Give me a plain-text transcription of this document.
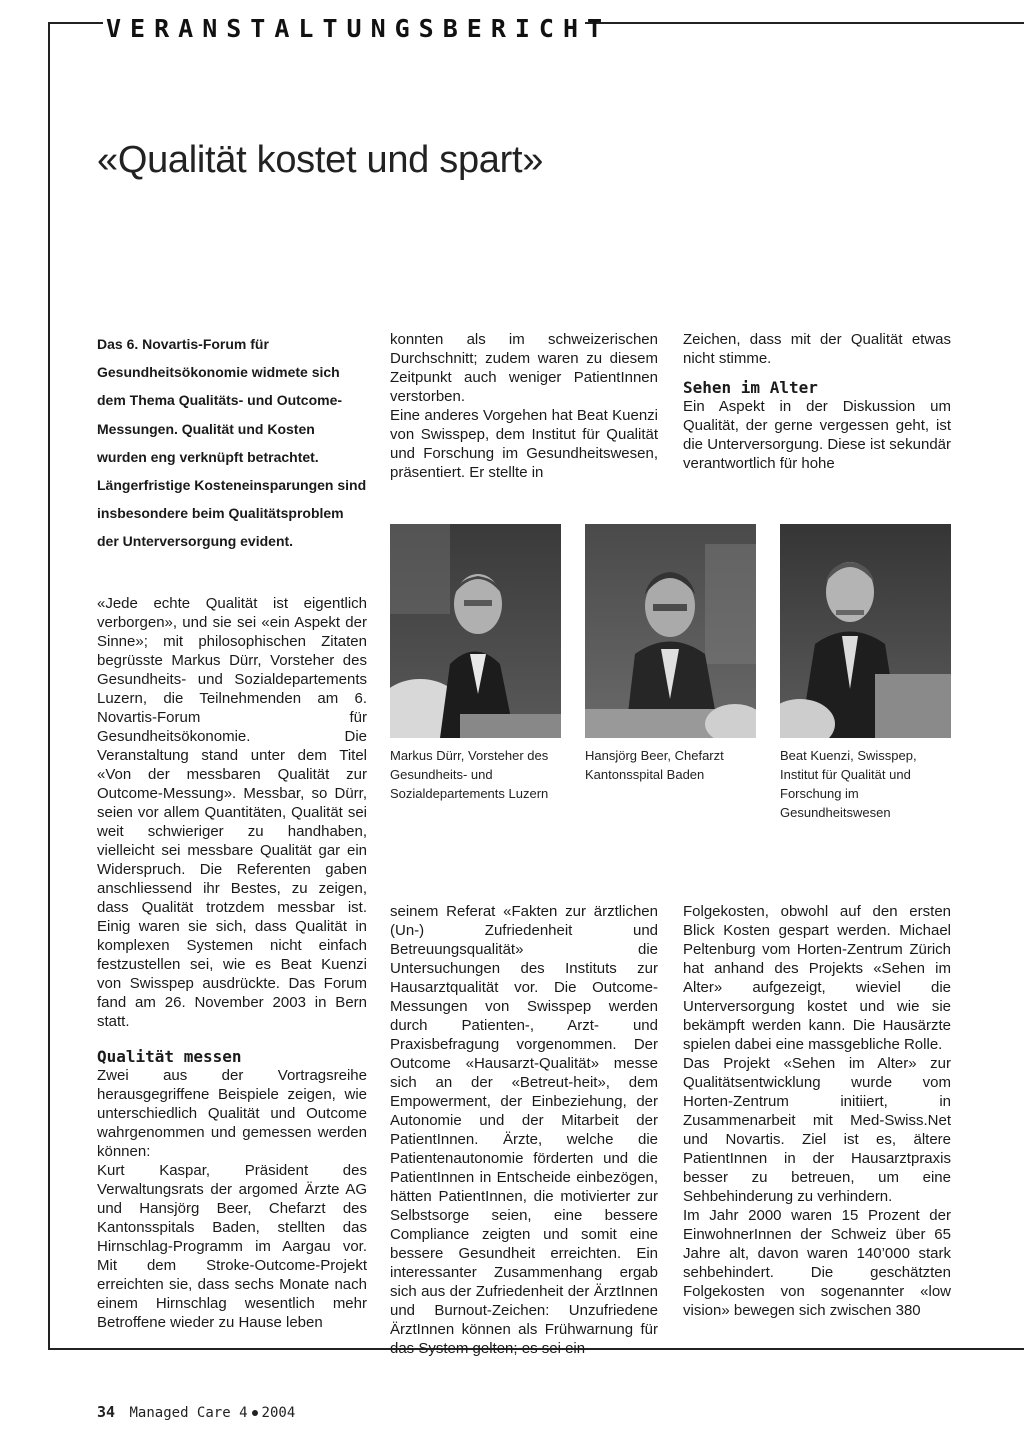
VERANSTALTUNGSBERICHT
«Qualität kostet und spart»

Das 6. Novartis-Forum für Gesundheitsökonomie widmete sich dem Thema Qualitäts- und Outcome-Messungen. Qualität und Kosten wurden eng verknüpft betrachtet. Längerfristige Kosteneinsparungen sind insbesondere beim Qualitätsproblem der Unterversorgung evident.

«Jede echte Qualität ist eigentlich verborgen», und sie sei «ein Aspekt der Sinne»; mit philosophischen Zitaten begrüsste Markus Dürr, Vorsteher des Gesundheits- und Sozialdepartements Luzern, die Teilnehmenden am 6. Novartis-Forum für Gesundheitsökonomie. Die Veranstaltung stand unter dem Titel «Von der messbaren Qualität zur Outcome-Messung». Messbar, so Dürr, seien vor allem Quantitäten, Qualität sei weit schwieriger zu handhaben, vielleicht sei messbare Qualität gar ein Widerspruch. Die Referenten gaben anschliessend ihr Bestes, zu zeigen, dass Qualität trotzdem messbar ist. Einig waren sie sich, dass Qualität in komplexen Systemen nicht einfach festzustellen sei, wie es Beat Kuenzi von Swisspep ausdrückte. Das Forum fand am 26. November 2003 in Bern statt.

Qualität messen

Zwei aus der Vortragsreihe herausgegriffene Beispiele zeigen, wie unterschiedlich Qualität und Outcome wahrgenommen und gemessen werden können:

Kurt Kaspar, Präsident des Verwaltungsrats der argomed Ärzte AG und Hansjörg Beer, Chefarzt des Kantonsspitals Baden, stellten das Hirnschlag-Programm im Aargau vor. Mit dem Stroke-Outcome-Projekt erreichten sie, dass sechs Monate nach einem Hirnschlag wesentlich mehr Betroffene wieder zu Hause leben

konnten als im schweizerischen Durchschnitt; zudem waren zu diesem Zeitpunkt auch weniger PatientInnen verstorben.

Eine anderes Vorgehen hat Beat Kuenzi von Swisspep, dem Institut für Qualität und Forschung im Gesundheitswesen, präsentiert. Er stellte in

Zeichen, dass mit der Qualität etwas nicht stimme.

Sehen im Alter

Ein Aspekt in der Diskussion um Qualität, der gerne vergessen geht, ist die Unterversorgung. Diese ist sekundär verantwortlich für hohe

Markus Dürr, Vorsteher des Gesundheits- und Sozialdepartements Luzern
Hansjörg Beer, Chefarzt Kantonsspital Baden
Beat Kuenzi, Swisspep, Institut für Qualität und Forschung im Gesundheitswesen

seinem Referat «Fakten zur ärztlichen (Un-) Zufriedenheit und Betreuungsqualität» die Untersuchungen des Instituts zur Hausarztqualität vor. Die Outcome-Messungen von Swisspep werden durch Patienten-, Arzt- und Praxisbefragung vorgenommen. Der Outcome «Hausarzt-Qualität» messe sich an der «Betreut-heit», dem Empowerment, der Einbeziehung, der Autonomie und der Mitarbeit der PatientInnen. Ärzte, welche die Patientenautonomie förderten und die PatientInnen in Entscheide einbezögen, hätten PatientInnen, die motivierter zur Selbstsorge seien, eine bessere Compliance zeigten und somit eine bessere Gesundheit erreichten. Ein interessanter Zusammenhang ergab sich aus der Zufriedenheit der ÄrztInnen und Burnout-Zeichen: Unzufriedene ÄrztInnen können als Frühwarnung für das System gelten; es sei ein

Folgekosten, obwohl auf den ersten Blick Kosten gespart werden. Michael Peltenburg vom Horten-Zentrum Zürich hat anhand des Projekts «Sehen im Alter» aufgezeigt, wieviel die Unterversorgung kostet und wie sie bekämpft werden kann. Die Hausärzte spielen dabei eine massgebliche Rolle.

Das Projekt «Sehen im Alter» zur Qualitätsentwicklung wurde vom Horten-Zentrum initiiert, in Zusammenarbeit mit Med-Swiss.Net und Novartis. Ziel ist es, ältere PatientInnen in der Hausarztpraxis besser zu betreuen, um eine Sehbehinderung zu verhindern.

Im Jahr 2000 waren 15 Prozent der EinwohnerInnen der Schweiz über 65 Jahre alt, davon waren 140’000 stark sehbehindert. Die geschätzten Folgekosten von sogenannter «low vision» bewegen sich zwischen 380

34 Managed Care 4 2004
